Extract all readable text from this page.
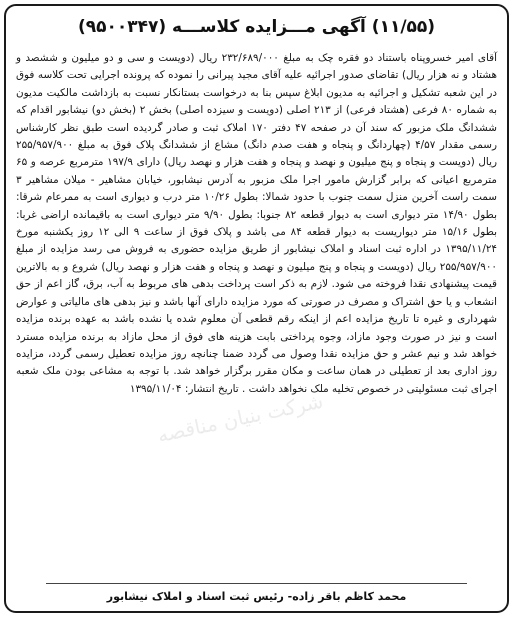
(۱۱/۵۵) آگهی مـــزایده کلاســـه (۹۵۰۰۳۴۷)
آقای امیر خسروپناه باستناد دو فقره چک به مبلغ ۲۳۲/۶۸۹/۰۰۰ ریال (دویست و سی و دو میلیون و ششصد و هشتاد و نه هزار ریال) تقاضای صدور اجرائیه علیه آقای مجید پیرانی را نموده که پرونده اجرایی تحت کلاسه فوق در این شعبه تشکیل و اجرائیه به مدیون ابلاغ سپس بنا به درخواست بستانکار نسبت به بازداشت مالکیت مدیون به شماره ۸۰ فرعی (هشتاد فرعی) از ۲۱۳ اصلی (دویست و سیزده اصلی) بخش ۲ (بخش دو) نیشابور اقدام که ششدانگ ملک مزبور که سند آن در صفحه ۴۷ دفتر ۱۷۰ املاک ثبت و صادر گردیده است طبق نظر کارشناس رسمی مقدار ۴/۵۷ (چهاردانگ و پنجاه و هفت صدم دانگ) مشاع از ششدانگ پلاک فوق به مبلغ ۲۵۵/۹۵۷/۹۰۰ ریال (دویست و پنجاه و پنج میلیون و نهصد و پنجاه و هفت هزار و نهصد ریال) دارای ۱۹۷/۹ مترمربع عرصه و ۶۵ مترمربع اعیانی که برابر گزارش مامور اجرا ملک مزبور به آدرس نیشابور، خیابان مشاهیر - میلان مشاهیر ۳ سمت راست آخرین منزل سمت جنوب با حدود شمالا: بطول ۱۰/۲۶ متر درب و دیواری است به ممرعام شرقا: بطول ۱۴/۹۰ متر دیواری است به دیوار قطعه ۸۲ جنوبا: بطول ۹/۹۰ متر دیواری است به باقیمانده اراضی غربا: بطول ۱۵/۱۶ متر دیواریست به دیوار قطعه ۸۴ می باشد و پلاک فوق از ساعت ۹ الی ۱۲ روز یکشنبه مورخ ۱۳۹۵/۱۱/۲۴ در اداره ثبت اسناد و املاک نیشابور از طریق مزایده حضوری به فروش می رسد مزایده از مبلغ ۲۵۵/۹۵۷/۹۰۰ ریال (دویست و پنجاه و پنج میلیون و نهصد و پنجاه و هفت هزار و نهصد ریال) شروع و به بالاترین قیمت پیشنهادی نقدا فروخته می شود. لازم به ذکر است پرداخت بدهی های مربوط به آب، برق، گاز اعم از حق انشعاب و یا حق اشتراک و مصرف در صورتی که مورد مزایده دارای آنها باشد و نیز بدهی های مالیاتی و عوارض شهرداری و غیره تا تاریخ مزایده اعم از اینکه رقم قطعی آن معلوم شده یا نشده باشد به عهده برنده مزایده است و نیز در صورت وجود مازاد، وجوه پرداختی بابت هزینه های فوق از محل مازاد به برنده مزایده مسترد خواهد شد و نیم عشر و حق مزایده نقدا وصول می گردد ضمنا چنانچه روز مزایده تعطیل رسمی گردد، مزایده روز اداری بعد از تعطیلی در همان ساعت و مکان مقرر برگزار خواهد شد. با توجه به مشاعی بودن ملک شعبه اجرای ثبت مسئولیتی در خصوص تخلیه ملک نخواهد داشت . تاریخ انتشار: ۱۳۹۵/۱۱/۰۴
شرکت بنیان مناقصه
محمد کاظم باقر زاده- رئیس ثبت اسناد و املاک نیشابور
